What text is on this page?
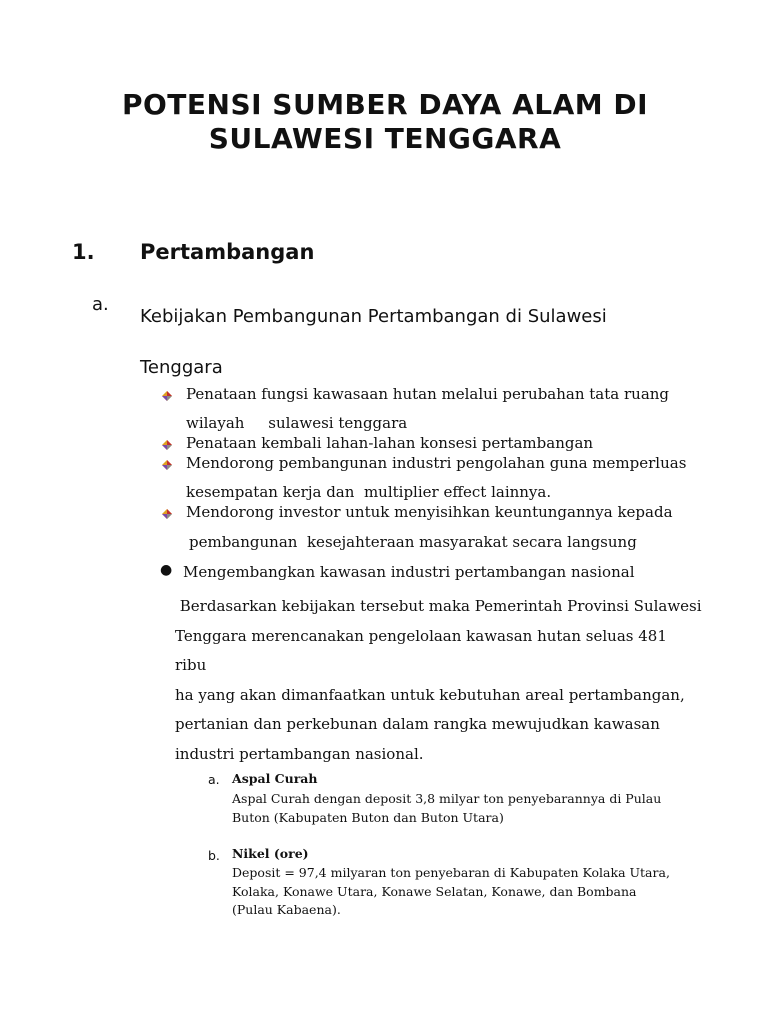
POTENSI SUMBER DAYA ALAM DI
SULAWESI TENGGARA
1. Pertambangan
a.
Kebijakan Pembangunan Pertambangan di Sulawesi
Tenggara
Penataan fungsi kawasaan hutan melalui perubahan tata ruang
wilayah     sulawesi tenggara
Penataan kembali lahan-lahan konsesi pertambangan
Mendorong pembangunan industri pengolahan guna memperluas
kesempatan kerja dan  multiplier effect lainnya.
Mendorong investor untuk menyisihkan keuntungannya kepada
pembangunan  kesejahteraan masyarakat secara langsung
● Mengembangkan kawasan industri pertambangan nasional
Berdasarkan kebijakan tersebut maka Pemerintah Provinsi Sulawesi
Tenggara merencanakan pengelolaan kawasan hutan seluas 481 ribu
ha yang akan dimanfaatkan untuk kebutuhan areal pertambangan,
pertanian dan perkebunan dalam rangka mewujudkan kawasan
industri pertambangan nasional.
a. Aspal Curah
Aspal Curah dengan deposit 3,8 milyar ton penyebarannya di Pulau
Buton (Kabupaten Buton dan Buton Utara)
b. Nikel (ore)
Deposit = 97,4 milyaran ton penyebaran di Kabupaten Kolaka Utara,
Kolaka, Konawe Utara, Konawe Selatan, Konawe, dan Bombana
(Pulau Kabaena).
